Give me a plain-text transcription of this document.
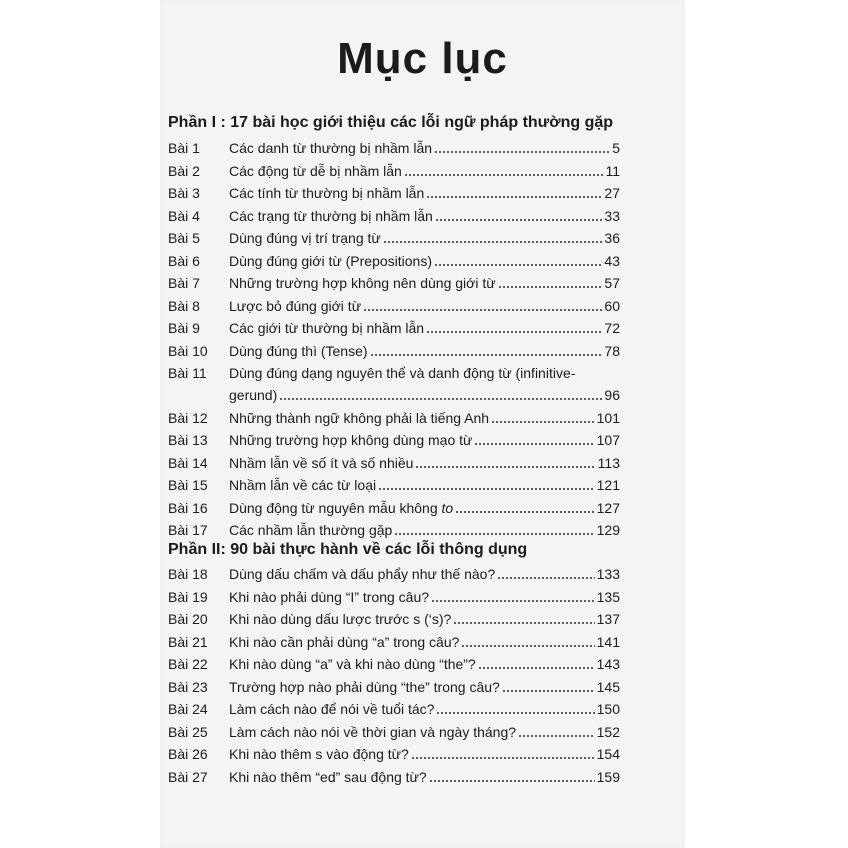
Mục lục
Phần I : 17 bài học giới thiệu các lỗi ngữ pháp thường gặp
Bài 1 Các danh từ thường bị nhầm lẫn	5
Bài 2 Các động từ dễ bị nhầm lẫn	11
Bài 3 Các tính từ thường bị nhầm lẫn	27
Bài 4 Các trạng từ thường bị nhầm lẫn	33
Bài 5 Dùng đúng vị trí trạng từ	36
Bài 6 Dùng đúng giới từ (Prepositions)	43
Bài 7 Những trường hợp không nên dùng giới từ	57
Bài 8 Lược bỏ đúng giới từ	60
Bài 9 Các giới từ thường bị nhầm lẫn	72
Bài 10 Dùng đúng thì (Tense)	78
Bài 11 Dùng đúng dạng nguyên thể và danh động từ (infinitive-
gerund)	96
Bài 12 Những thành ngữ không phải là tiếng Anh	101
Bài 13 Những trường hợp không dùng mạo từ	107
Bài 14 Nhầm lẫn về số ít và số nhiều	113
Bài 15 Nhầm lẫn về các từ loại	121
Bài 16 Dùng động từ nguyên mẫu không to	127
Bài 17 Các nhầm lẫn thường gặp	129
Phần II: 90 bài thực hành về các lỗi thông dụng
Bài 18 Dùng dấu chấm và dấu phẩy như thế nào?	133
Bài 19 Khi nào phải dùng “I” trong câu?	135
Bài 20 Khi nào dùng dấu lược trước s (‘s)?	137
Bài 21 Khi nào cần phải dùng “a” trong câu?	141
Bài 22 Khi nào dùng “a” và khi nào dùng “the”?	143
Bài 23 Trường hợp nào phải dùng “the” trong câu?	145
Bài 24 Làm cách nào để nói về tuổi tác?	150
Bài 25 Làm cách nào nói về thời gian và ngày tháng?	152
Bài 26 Khi nào thêm s vào động từ?	154
Bài 27 Khi nào thêm “ed” sau động từ?	159
